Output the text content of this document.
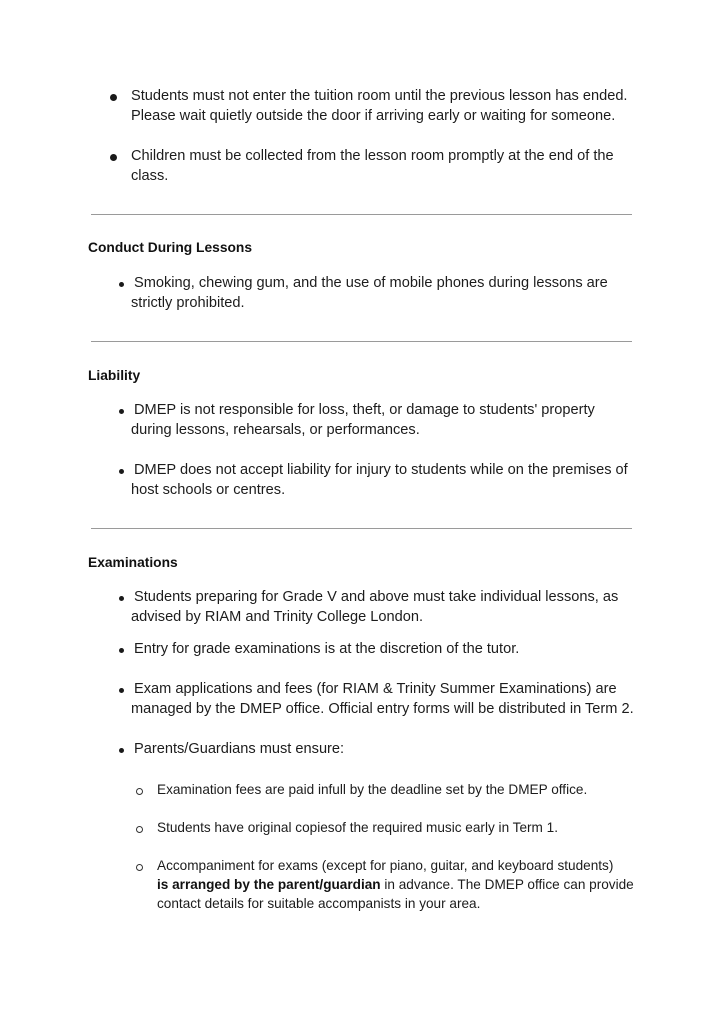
Students must not enter the tuition room until the previous lesson has ended.
Please wait quietly outside the door if arriving early or waiting for someone.
Children must be collected from the lesson room promptly at the end of the
class.
Conduct During Lessons
Smoking, chewing gum, and the use of mobile phones during lessons are
strictly prohibited.
Liability
DMEP is not responsible for loss, theft, or damage to students' property
during lessons, rehearsals, or performances.
DMEP does not accept liability for injury to students while on the premises of
host schools or centres.
Examinations
Students preparing for Grade V and above must take individual lessons, as
advised by RIAM and Trinity College London.
Entry for grade examinations is at the discretion of the tutor.
Exam applications and fees (for RIAM & Trinity Summer Examinations) are
managed by the DMEP office. Official entry forms will be distributed in Term 2.
Parents/Guardians must ensure:
Examination fees are paid infull by the deadline set by the DMEP office.
Students have original copiesof the required music early in Term 1.
Accompaniment for exams (except for piano, guitar, and keyboard students)
is arranged by the parent/guardian in advance. The DMEP office can provide
contact details for suitable accompanists in your area.
